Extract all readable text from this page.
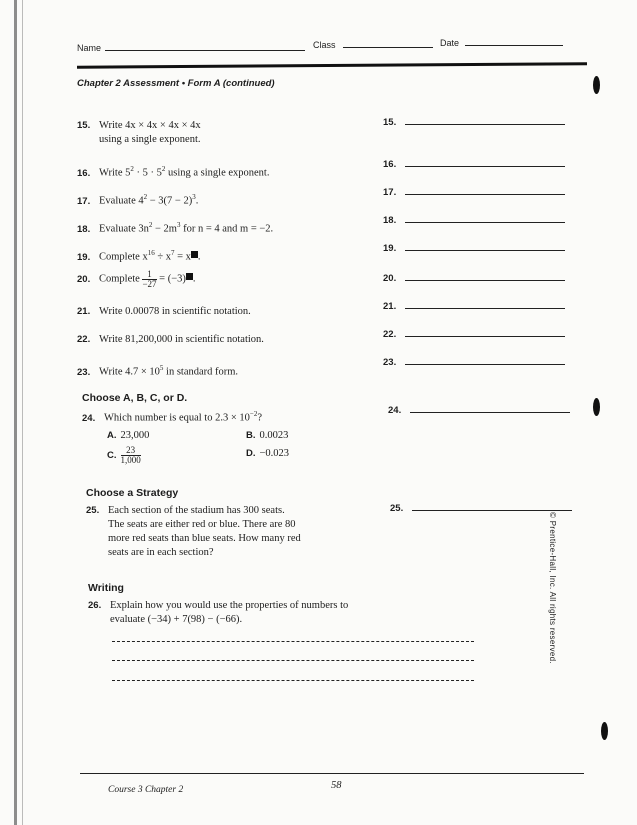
Name	Class	Date
Chapter 2 Assessment • Form A (continued)
15. Write 4x × 4x × 4x × 4x
using a single exponent.
15.
16. Write $5^2 \cdot 5 \cdot 5^2$ using a single exponent.
16.
17. Evaluate $4^2 - 3(7 - 2)^3$.
17.
18. Evaluate $3n^2 - 2m^3$ for n = 4 and m = −2.
18.
19. Complete $x^{16} \div x^7 = x$ .
19.
20. Complete $\frac{1}{-27} = (-3)$ .	20.
21. Write 0.00078 in scientific notation.	21.
22. Write 81,200,000 in scientific notation.	22.
23. Write $4.7 \times 10^5$ in standard form.
23.
Choose A, B, C, or D.
24. Which number is equal to $2.3 \times 10^{-2}$?
24.
A. 23,000	B. 0.0023
C. $\frac{23}{1,000}$	D. −0.023
Choose a Strategy
25. Each section of the stadium has 300 seats.
The seats are either red or blue. There are 80
more red seats than blue seats. How many red
seats are in each section?
25.
Writing
26. Explain how you would use the properties of numbers to
evaluate (−34) + 7(98) − (−66).	© Prentice-Hall, Inc. All rights reserved.
Course 3 Chapter 2	58
